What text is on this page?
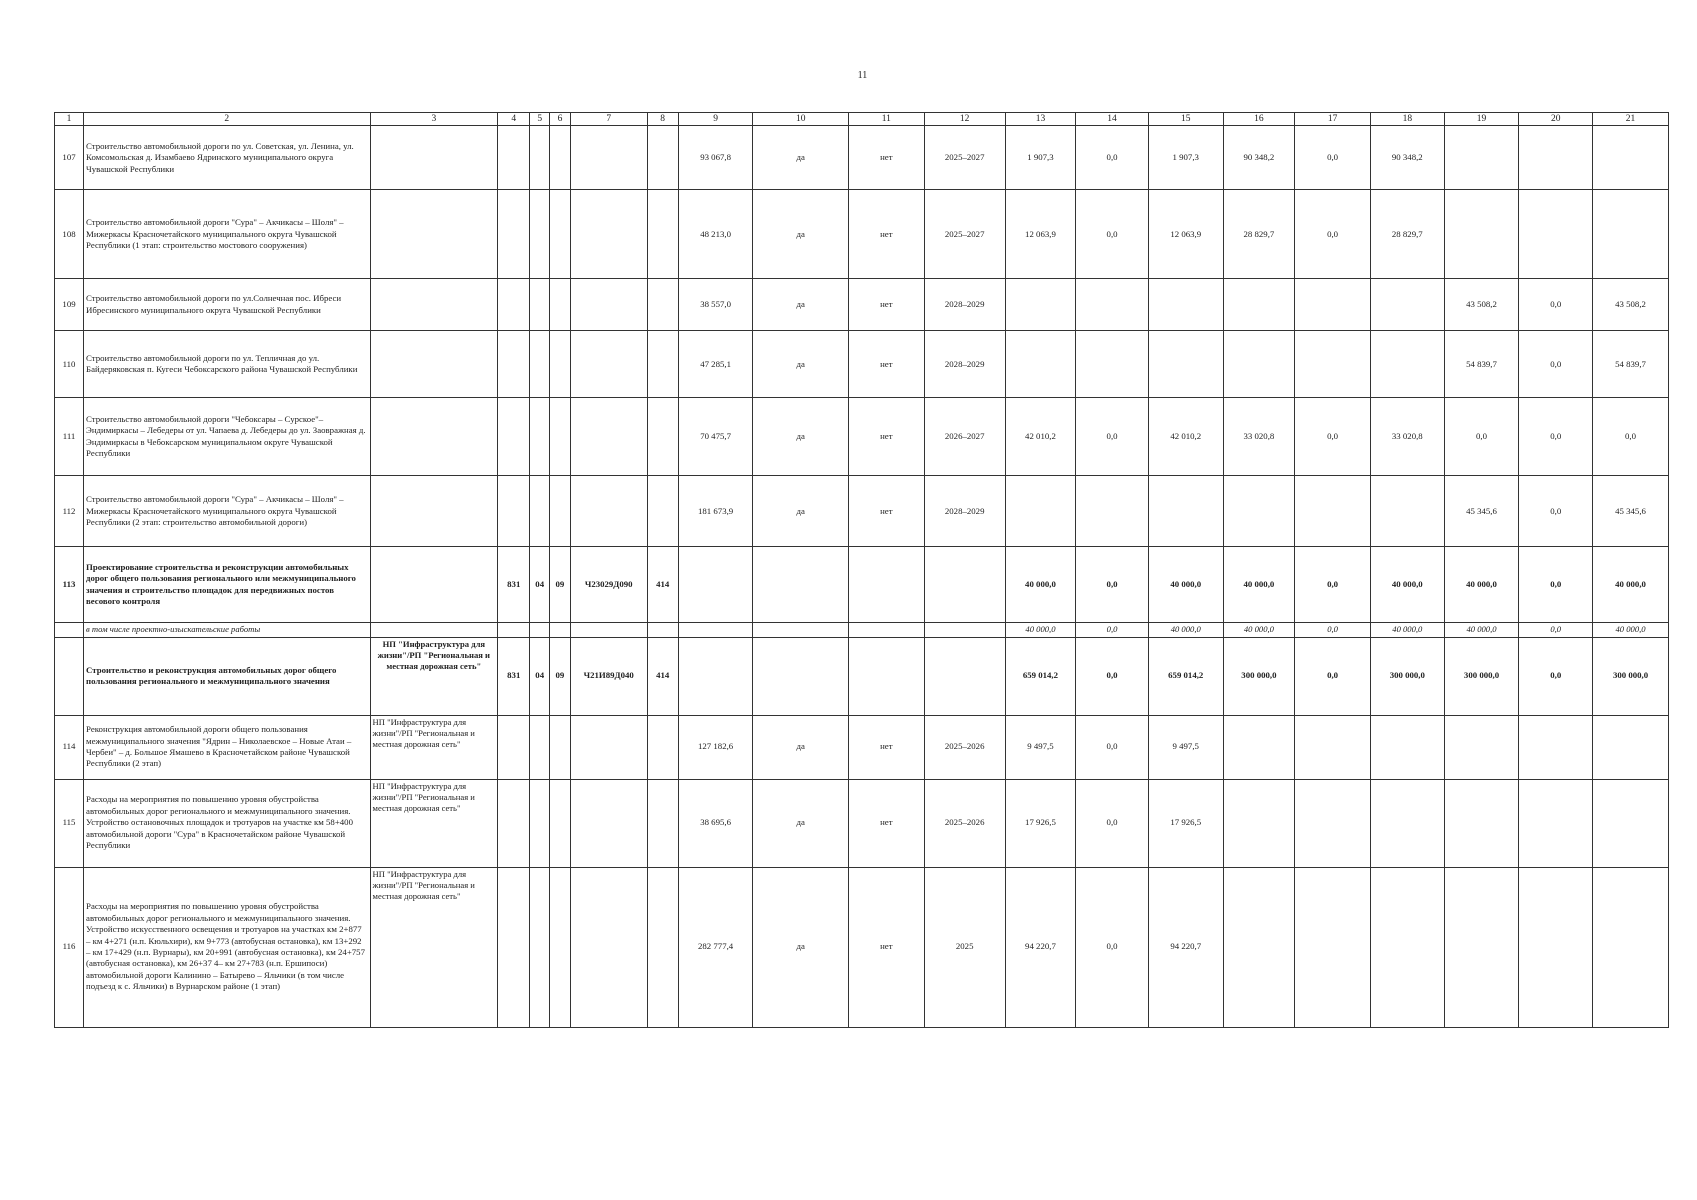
11
1	2	3	4	5	6	7	8	9	10	11	12	13	14	15	16	17	18	19	20	21
107	Строительство автомобильной дороги по ул. Советская, ул. Ленина, ул. Комсомольская д. Изамбаево Ядринского муниципального округа Чувашской Республики							93 067,8	да	нет	2025–2027	1 907,3	0,0	1 907,3	90 348,2	0,0	90 348,2			
108	Строительство автомобильной дороги "Сура" – Акчикасы – Шоля" – Мижеркасы Красночетайского муниципального округа Чувашской Республики (1 этап: строительство мостового сооружения)							48 213,0	да	нет	2025–2027	12 063,9	0,0	12 063,9	28 829,7	0,0	28 829,7			
109	Строительство автомобильной дороги по ул.Солнечная пос. Ибреси Ибресинского муниципального округа Чувашской Республики							38 557,0	да	нет	2028–2029							43 508,2	0,0	43 508,2
110	Строительство автомобильной дороги по ул. Тепличная до ул. Байдеряковская п. Кугеси Чебоксарского района Чувашской Республики							47 285,1	да	нет	2028–2029							54 839,7	0,0	54 839,7
111	Строительство автомобильной дороги "Чебоксары – Сурское"– Эндимиркасы – Лебедеры от ул. Чапаева д. Лебедеры до ул. Заовражная д. Эндимиркасы в Чебоксарском муниципальном округе Чувашской Республики							70 475,7	да	нет	2026–2027	42 010,2	0,0	42 010,2	33 020,8	0,0	33 020,8	0,0	0,0	0,0
112	Строительство автомобильной дороги "Сура" – Акчикасы – Шоля" – Мижеркасы Красночетайского муниципального округа Чувашской Республики (2 этап: строительство автомобильной дороги)							181 673,9	да	нет	2028–2029							45 345,6	0,0	45 345,6
113	Проектирование строительства и реконструкции автомобильных дорог общего пользования регионального или межмуниципального значения и строительство площадок для передвижных постов весового контроля		831	04	09	Ч23029Д090	414					40 000,0	0,0	40 000,0	40 000,0	0,0	40 000,0	40 000,0	0,0	40 000,0
	в том числе проектно-изыскательские работы											40 000,0	0,0	40 000,0	40 000,0	0,0	40 000,0	40 000,0	0,0	40 000,0
	Строительство и реконструкция автомобильных дорог общего пользования регионального и межмуниципального значения	НП "Инфраструктура для жизни"/РП "Региональная и местная дорожная сеть"	831	04	09	Ч21И89Д040	414					659 014,2	0,0	659 014,2	300 000,0	0,0	300 000,0	300 000,0	0,0	300 000,0
114	Реконструкция автомобильной дороги общего пользования межмуниципального значения "Ядрин – Николаевское – Новые Атаи – Чербеи" – д. Большое Ямашево в Красночетайском районе Чувашской Республики (2 этап)	НП "Инфраструктура для жизни"/РП "Региональная и местная дорожная сеть"						127 182,6	да	нет	2025–2026	9 497,5	0,0	9 497,5						
115	Расходы на мероприятия по повышению уровня обустройства автомобильных дорог регионального и межмуниципального значения. Устройство остановочных площадок и тротуаров на участке км 58+400 автомобильной дороги "Сура" в Красночетайском районе Чувашской Республики	НП "Инфраструктура для жизни"/РП "Региональная и местная дорожная сеть"						38 695,6	да	нет	2025–2026	17 926,5	0,0	17 926,5						
116	Расходы на мероприятия по повышению уровня обустройства автомобильных дорог регионального и межмуниципального значения. Устройство искусственного освещения и тротуаров на участках км 2+877 – км 4+271 (н.п. Кюльхири), км 9+773 (автобусная остановка), км 13+292 – км 17+429 (н.п. Вурнары), км 20+991 (автобусная остановка), км 24+757 (автобусная остановка), км 26+37 4– км 27+783 (н.п. Ершипоси) автомобильной дороги Калинино – Батырево – Яльчики (в том числе подъезд к с. Яльчики) в Вурнарском районе (1 этап)	НП "Инфраструктура для жизни"/РП "Региональная и местная дорожная сеть"						282 777,4	да	нет	2025	94 220,7	0,0	94 220,7						
